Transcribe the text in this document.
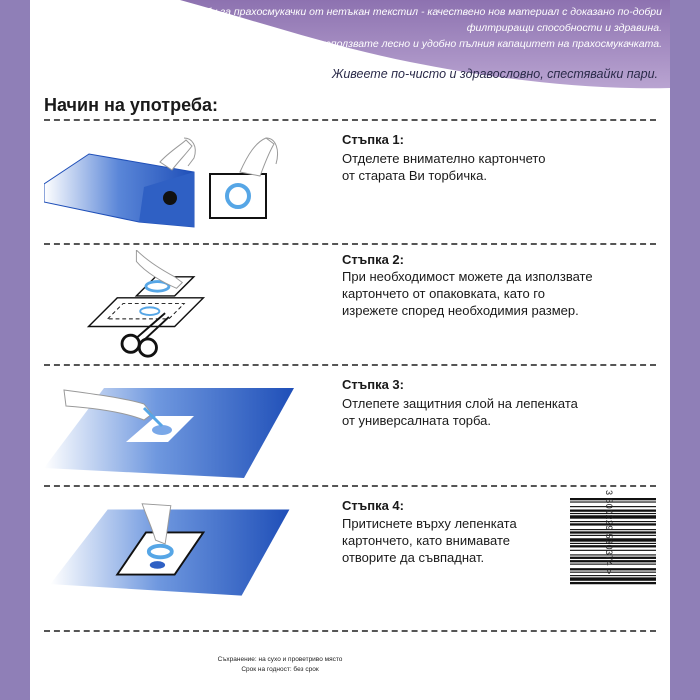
Торби за прахосмукачки от нетъкан текстил - качествено нов материал с доказано по-добри
филтриращи способности и здравина.
С торбите от серията UB използвате лесно и удобно пълния капацитет на прахосмукачката.
Живеете по-чисто и здравословно, спестявайки пари.
Начин на употреба:
Стъпка 1:
Отделете внимателно картончето
от старата Ви торбичка.
Стъпка 2:
При необходимост можете да използвате
картончето от опаковката, като го
изрежете според необходимия размер.
Стъпка 3:
Отлепете защитния слой на лепенката
от универсалната торба.
Стъпка 4:
Притиснете върху лепенката
картончето, като внимавате
отворите да съвпаднат.	3 800229 530374 >
Съхранение: на сухо и проветриво място
Срок на годност: без срок
